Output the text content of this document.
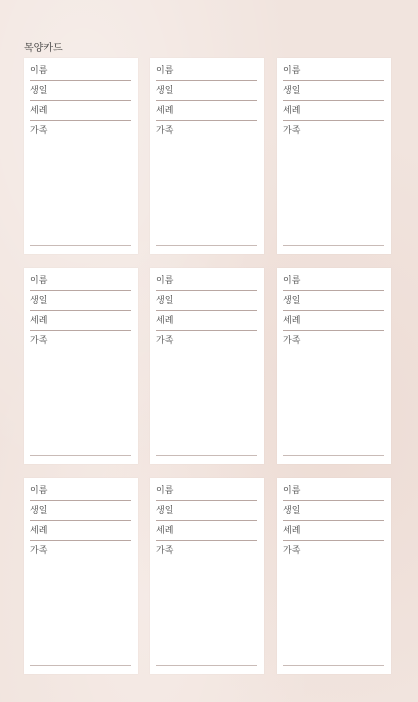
목양카드
이름
생일
세례
가족
이름
생일
세례
가족
이름
생일
세례
가족
이름
생일
세례
가족
이름
생일
세례
가족
이름
생일
세례
가족
이름
생일
세례
가족
이름
생일
세례
가족
이름
생일
세례
가족
